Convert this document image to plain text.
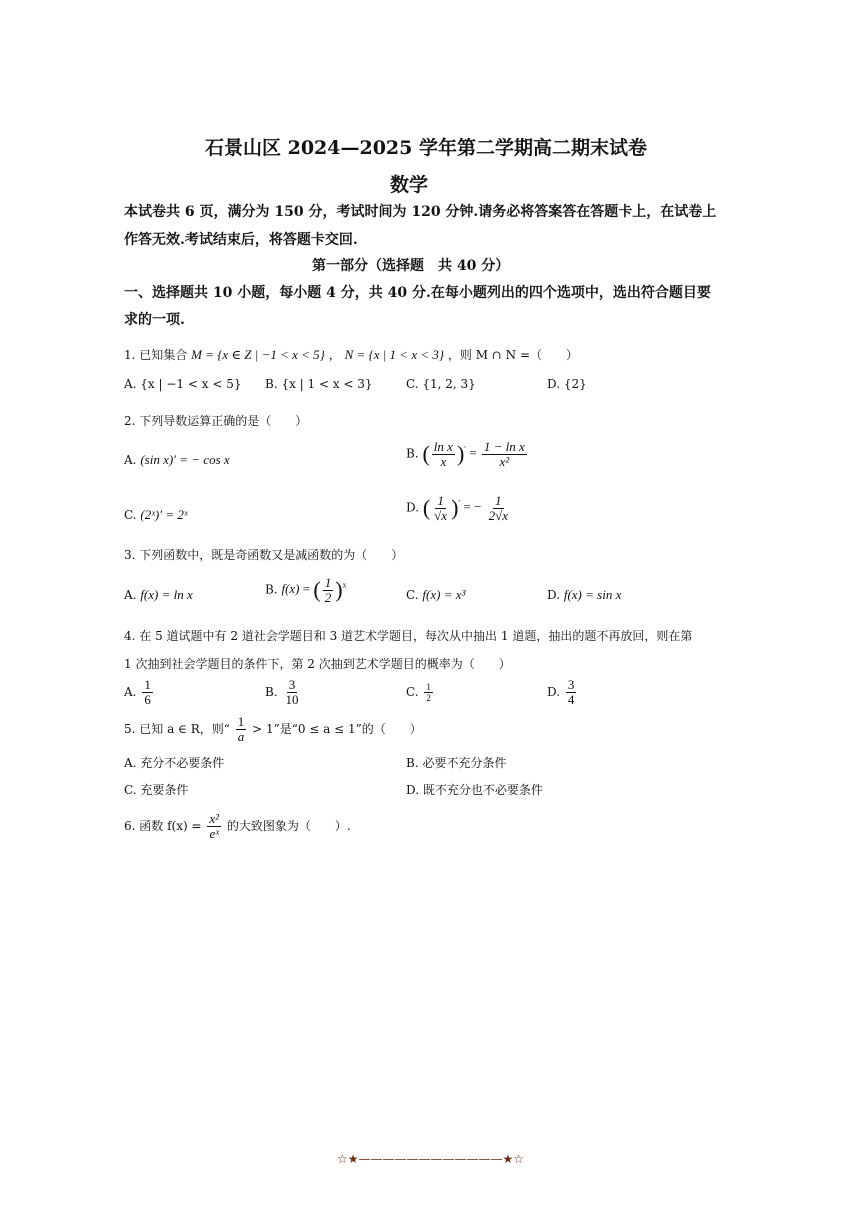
石景山区 2024—2025 学年第二学期高二期末试卷
数学
本试卷共 6 页，满分为 150 分，考试时间为 120 分钟.请务必将答案答在答题卡上，在试卷上
作答无效.考试结束后，将答题卡交回.
第一部分（选择题　共 40 分）
一、选择题共 10 小题，每小题 4 分，共 40 分.在每小题列出的四个选项中，选出符合题目要
求的一项.
1. 已知集合 M = {x ∈ Z | −1 < x < 5} ， N = {x | 1 < x < 3} ，则 M ∩ N =（　　）
A. {x | −1 < x < 5} B. {x | 1 < x < 3}	C. {1, 2, 3}	D. {2}
2. 下列导数运算正确的是（　　）
A. (sin x)′ = − cos x	B. ( $\frac{\text{ln x}}{x} )' = \frac{\text{1 − ln x}}{\text{x²}}$
C. (2ˣ)′ = 2ˣ	D. ( $\frac{1}{√x} )'$ = − $\frac{1}{2√x}$
3. 下列函数中，既是奇函数又是减函数的为（　　）
A. f(x) = ln x	B. f(x) = ( $\frac{1}{2} )^x$
C. f(x) = x³	D. f(x) = sin x
4. 在 5 道试题中有 2 道社会学题目和 3 道艺术学题目，每次从中抽出 1 道题，抽出的题不再放回，则在第
1 次抽到社会学题目的条件下，第 2 次抽到艺术学题目的概率为（　　）
A. $\frac{1}{6}$	B. $\frac{3}{10}$	C. $\frac{1}{2}$	D. $\frac{3}{4}$
5. 已知 a ∈ R，则“ $\frac{1}{a} > 1$”是“0 ≤ a ≤ 1”的（　　）
A. 充分不必要条件	B. 必要不充分条件
C. 充要条件	D. 既不充分也不必要条件
6. 函数 $f(x) = \frac{\text{x²}}{\text{eˣ}}$ 的大致图象为（　　）.
☆★————————————★☆
